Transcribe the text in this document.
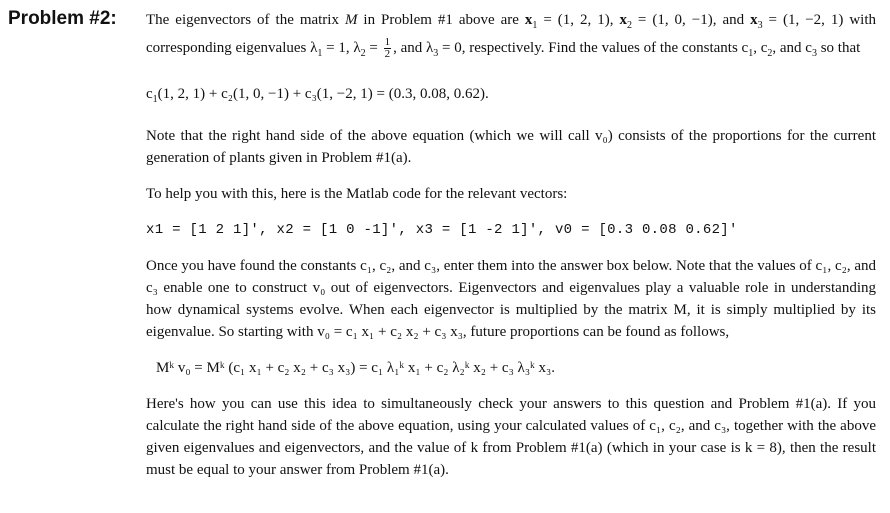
Problem #2: The eigenvectors of the matrix M in Problem #1 above are $x_1 = (1$, 2, 1), $x_2 = (1$, 0, −1), and $x_3 = (1$, −2, 1) with corresponding eigenvalues $\lambda_1 = 1$, $\lambda_2 = \frac{1}{2}$ , and $\lambda_3 = 0$, respectively. Find the values of the constants $c_1$, $c_2$, and $c_3$ so that

$c_1(1$, 2, 1) + c₂(1, 0, −1) + c₃(1, −2, 1) = (0.3, 0.08, 0.62).

Note that the right hand side of the above equation (which we will call v₀) consists of the proportions for the current generation of plants given in Problem #1(a).

To help you with this, here is the Matlab code for the relevant vectors:

x1 = [1 2 1]', x2 = [1 0 -1]', x3 = [1 -2 1]', v0 = [0.3 0.08 0.62]'

Once you have found the constants c₁, c₂, and c₃, enter them into the answer box below. Note that the values of c₁, c₂, and c₃ enable one to construct v₀ out of eigenvectors. Eigenvectors and eigenvalues play a valuable role in understanding how dynamical systems evolve. When each eigenvector is multiplied by the matrix M, it is simply multiplied by its eigenvalue. So starting with v₀ = c₁ x₁ + c₂ x₂ + c₃ x₃, future proportions can be found as follows,

Mᵏ v₀ = Mᵏ (c₁ x₁ + c₂ x₂ + c₃ x₃) = c₁ λ₁ᵏ x₁ + c₂ λ₂ᵏ x₂ + c₃ λ₃ᵏ x₃.

Here's how you can use this idea to simultaneously check your answers to this question and Problem #1(a). If you calculate the right hand side of the above equation, using your calculated values of c₁, c₂, and c₃, together with the above given eigenvalues and eigenvectors, and the value of k from Problem #1(a) (which in your case is k = 8), then the result must be equal to your answer from Problem #1(a).
